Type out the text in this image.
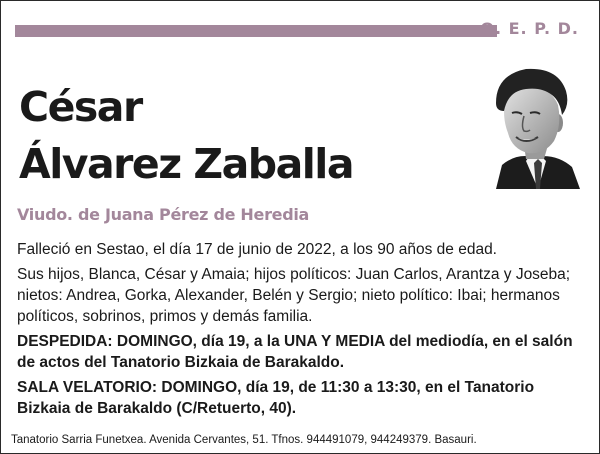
Q. E. P. D.
César
Álvarez Zaballa
Viudo. de Juana Pérez de Heredia

Falleció en Sestao, el día 17 de junio de 2022, a los 90 años de edad.

Sus hijos, Blanca, César y Amaia; hijos políticos: Juan Carlos, Arantza y Joseba; nietos: Andrea, Gorka, Alexander, Belén y Sergio; nieto político: Ibai; hermanos políticos, sobrinos, primos y demás familia.

DESPEDIDA: DOMINGO, día 19, a la UNA Y MEDIA del mediodía, en el salón de actos del Tanatorio Bizkaia de Barakaldo.

SALA VELATORIO: DOMINGO, día 19, de 11:30 a 13:30, en el Tanatorio Bizkaia de Barakaldo (C/Retuerto, 40).

Tanatorio Sarria Funetxea. Avenida Cervantes, 51. Tfnos. 944491079, 944249379. Basauri.
